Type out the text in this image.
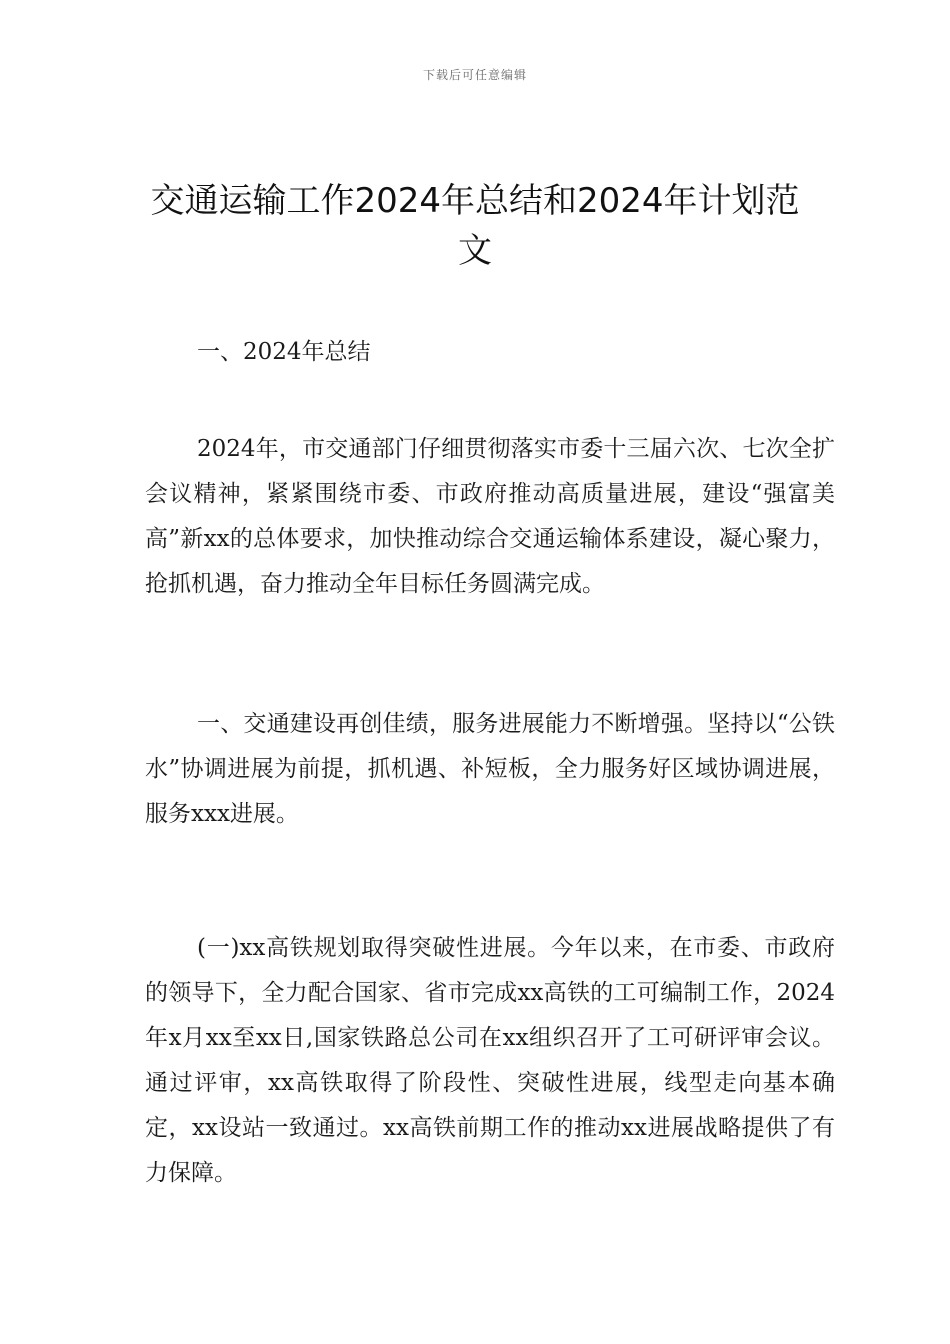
下载后可任意编辑
交通运输工作2024年总结和2024年计划范文

一、2024年总结

2024年，市交通部门仔细贯彻落实市委十三届六次、七次全扩会议精神，紧紧围绕市委、市政府推动高质量进展，建设“强富美高”新xx的总体要求，加快推动综合交通运输体系建设，凝心聚力，抢抓机遇，奋力推动全年目标任务圆满完成。

一、交通建设再创佳绩，服务进展能力不断增强。坚持以“公铁水”协调进展为前提，抓机遇、补短板，全力服务好区域协调进展，服务xxx进展。

(一)xx高铁规划取得突破性进展。今年以来，在市委、市政府的领导下，全力配合国家、省市完成xx高铁的工可编制工作，2024年x月xx至xx日,国家铁路总公司在xx组织召开了工可研评审会议。通过评审，xx高铁取得了阶段性、突破性进展，线型走向基本确定，xx设站一致通过。xx高铁前期工作的推动xx进展战略提供了有力保障。
